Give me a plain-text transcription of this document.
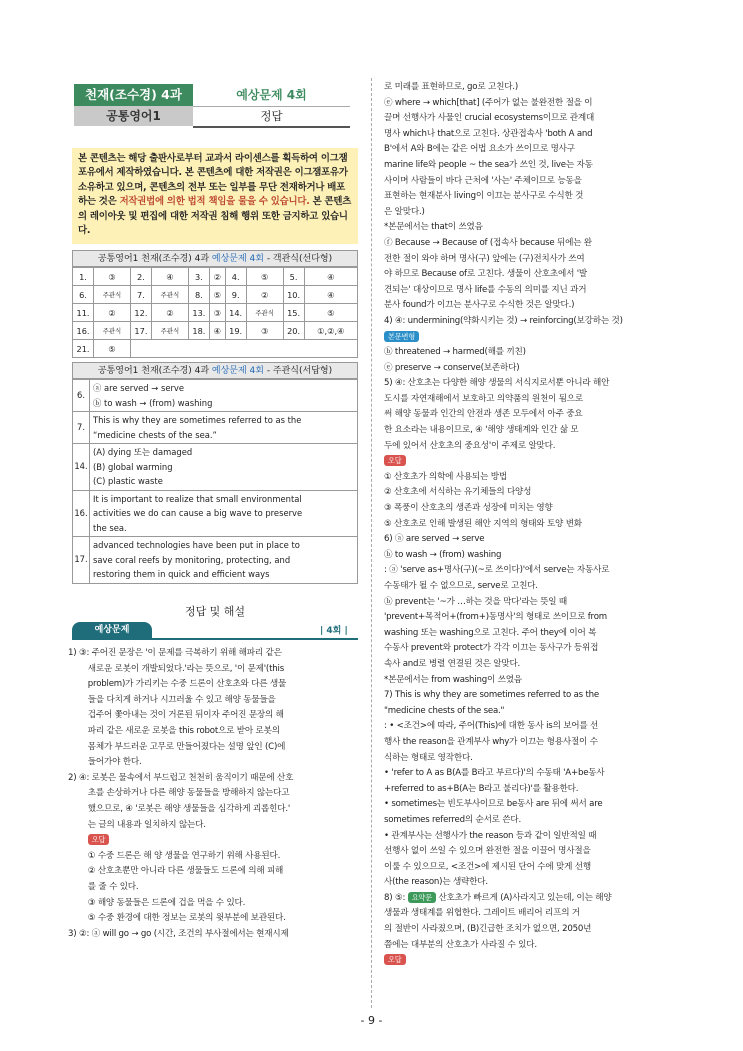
천재(조수경) 4과
공통영어1
예상문제 4회
정답
본 콘텐츠는 해당 출판사로부터 교과서 라이센스를 획득하여 이그잼포유에서 제작하였습니다. 본 콘텐츠에 대한 저작권은 이그잼포유가 소유하고 있으며, 콘텐츠의 전부 또는 일부를 무단 전재하거나 배포하는 것은 저작권법에 의한 법적 책임을 물을 수 있습니다. 본 콘텐츠의 레이아웃 및 편집에 대한 저작권 침해 행위 또한 금지하고 있습니다.
공통영어1 천재(조수경) 4과 예상문제 4회 - 객관식(선다형)
1.	③	2.	④	3.	②	4.	⑤	5.	④
6.	주관식	7.	주관식	8.	⑤	9.	②	10.	④
11.	②	12.	②	13.	③	14.	주관식	15.	⑤
16.	주관식	17.	주관식	18.	④	19.	③	20.	①,②,④
21.	⑤								
공통영어1 천재(조수경) 4과 예상문제 4회 - 주관식(서답형)
6.	ⓐ are served → serve
ⓑ to wash → (from) washing

7.	This is why they are sometimes referred to as the
“medicine chests of the sea.”

14.	(A) dying 또는 damaged
(B) global warming
(C) plastic waste

16.	It is important to realize that small environmental
activities we do can cause a big wave to preserve
the sea.

17.	advanced technologies have been put in place to
save coral reefs by monitoring, protecting, and
restoring them in quick and efficient ways
정답 및 해설
예상문제	| 4회 |
1) ③: 주어진 문장은 '이 문제를 극복하기 위해 해파리 같은
새로운 로봇이 개발되었다.'라는 뜻으로, '이 문제'(this
problem)가 가리키는 수중 드론이 산호초와 다른 생물
들을 다치게 하거나 시끄러울 수 있고 해양 동물들을
겁주어 쫓아내는 것이 거론된 뒤이자 주어진 문장의 해
파리 같은 새로운 로봇을 this robot으로 받아 로봇의
몸체가 부드러운 고무로 만들어졌다는 설명 앞인 (C)에
들어가야 한다.
2) ④: 로봇은 물속에서 부드럽고 천천히 움직이기 때문에 산호
초를 손상하거나 다른 해양 동물들을 방해하지 않는다고
했으므로, ④ '로봇은 해양 생물들을 심각하게 괴롭힌다.'
는 글의 내용과 일치하지 않는다.
오답
① 수중 드론은 해 양 생물을 연구하기 위해 사용된다.
② 산호초뿐만 아니라 다른 생물들도 드론에 의해 피해
를 줄 수 있다.
③ 해양 동물들은 드론에 겁을 먹을 수 있다.
⑤ 수중 환경에 대한 정보는 로봇의 윗부분에 보관된다.
3) ②: ⓐ will go → go (시간, 조건의 부사절에서는 현재시제
로 미래를 표현하므로, go로 고친다.)
ⓔ where → which[that] (주어가 없는 불완전한 절을 이
끌며 선행사가 사물인 crucial ecosystems이므로 관계대
명사 which나 that으로 고친다. 상관접속사 'both A and
B'에서 A와 B에는 같은 어법 요소가 쓰이므로 명사구
marine life와 people ~ the sea가 쓰인 것, live는 자동
사이며 사람들이 바다 근처에 '사는' 주체이므로 능동을
표현하는 현재분사 living이 이끄는 분사구로 수식한 것
은 알맞다.)
*본문에서는 that이 쓰였음
ⓕ Because → Because of (접속사 because 뒤에는 완
전한 절이 와야 하며 명사(구) 앞에는 (구)전치사가 쓰여
야 하므로 Because of로 고친다. 생물이 산호초에서 '발
견되는' 대상이므로 명사 life를 수동의 의미를 지닌 과거
분사 found가 이끄는 분사구로 수식한 것은 알맞다.)
4) ④: undermining(약화시키는 것) → reinforcing(보강하는 것)
본문변형
ⓑ threatened → harmed(해를 끼친)
ⓔ preserve → conserve(보존하다)
5) ④: 산호초는 다양한 해양 생물의 서식지로서뿐 아니라 해안
도시를 자연재해에서 보호하고 의약품의 원천이 됨으로
써 해양 동물과 인간의 안전과 생존 모두에서 아주 중요
한 요소라는 내용이므로, ④ '해양 생태계와 인간 삶 모
두에 있어서 산호초의 중요성'이 주제로 알맞다.
오답
① 산호초가 의학에 사용되는 방법
② 산호초에 서식하는 유기체들의 다양성
③ 폭풍이 산호초의 생존과 성장에 미치는 영향
⑤ 산호초로 인해 발생된 해안 지역의 형태와 토양 변화
6) ⓐ are served → serve
ⓑ to wash → (from) washing
: ⓐ 'serve as+명사(구)(~로 쓰이다)'에서 serve는 자동사로
수동태가 될 수 없으므로, serve로 고친다.
ⓑ prevent는 '~가 …하는 것을 막다'라는 뜻일 때
'prevent+목적어+(from+)동명사'의 형태로 쓰이므로 from
washing 또는 washing으로 고친다. 주어 they에 이어 복
수동사 prevent와 protect가 각각 이끄는 동사구가 등위접
속사 and로 병렬 연결된 것은 알맞다.
*본문에서는 from washing이 쓰였음
7) This is why they are sometimes referred to as the
"medicine chests of the sea."
: • <조건>에 따라, 주어(This)에 대한 동사 is의 보어를 선
행사 the reason을 관계부사 why가 이끄는 형용사절이 수
식하는 형태로 영작한다.
• 'refer to A as B(A를 B라고 부르다)'의 수동태 'A+be동사
+referred to as+B(A는 B라고 불리다)'를 활용한다.
• sometimes는 빈도부사이므로 be동사 are 뒤에 써서 are
sometimes referred의 순서로 쓴다.
• 관계부사는 선행사가 the reason 등과 같이 일반적일 때
선행사 없이 쓰일 수 있으며 완전한 절을 이끌어 명사절을
이룰 수 있으므로, <조건>에 제시된 단어 수에 맞게 선행
사(the reason)는 생략한다.
8) ⑤: 요약문 산호초가 빠르게 (A)사라지고 있는데, 이는 해양
생물과 생태계를 위협한다. 그레이트 배리어 리프의 거
의 절반이 사라졌으며, (B)긴급한 조치가 없으면, 2050년
쯤에는 대부분의 산호초가 사라질 수 있다.
오답
- 9 -
